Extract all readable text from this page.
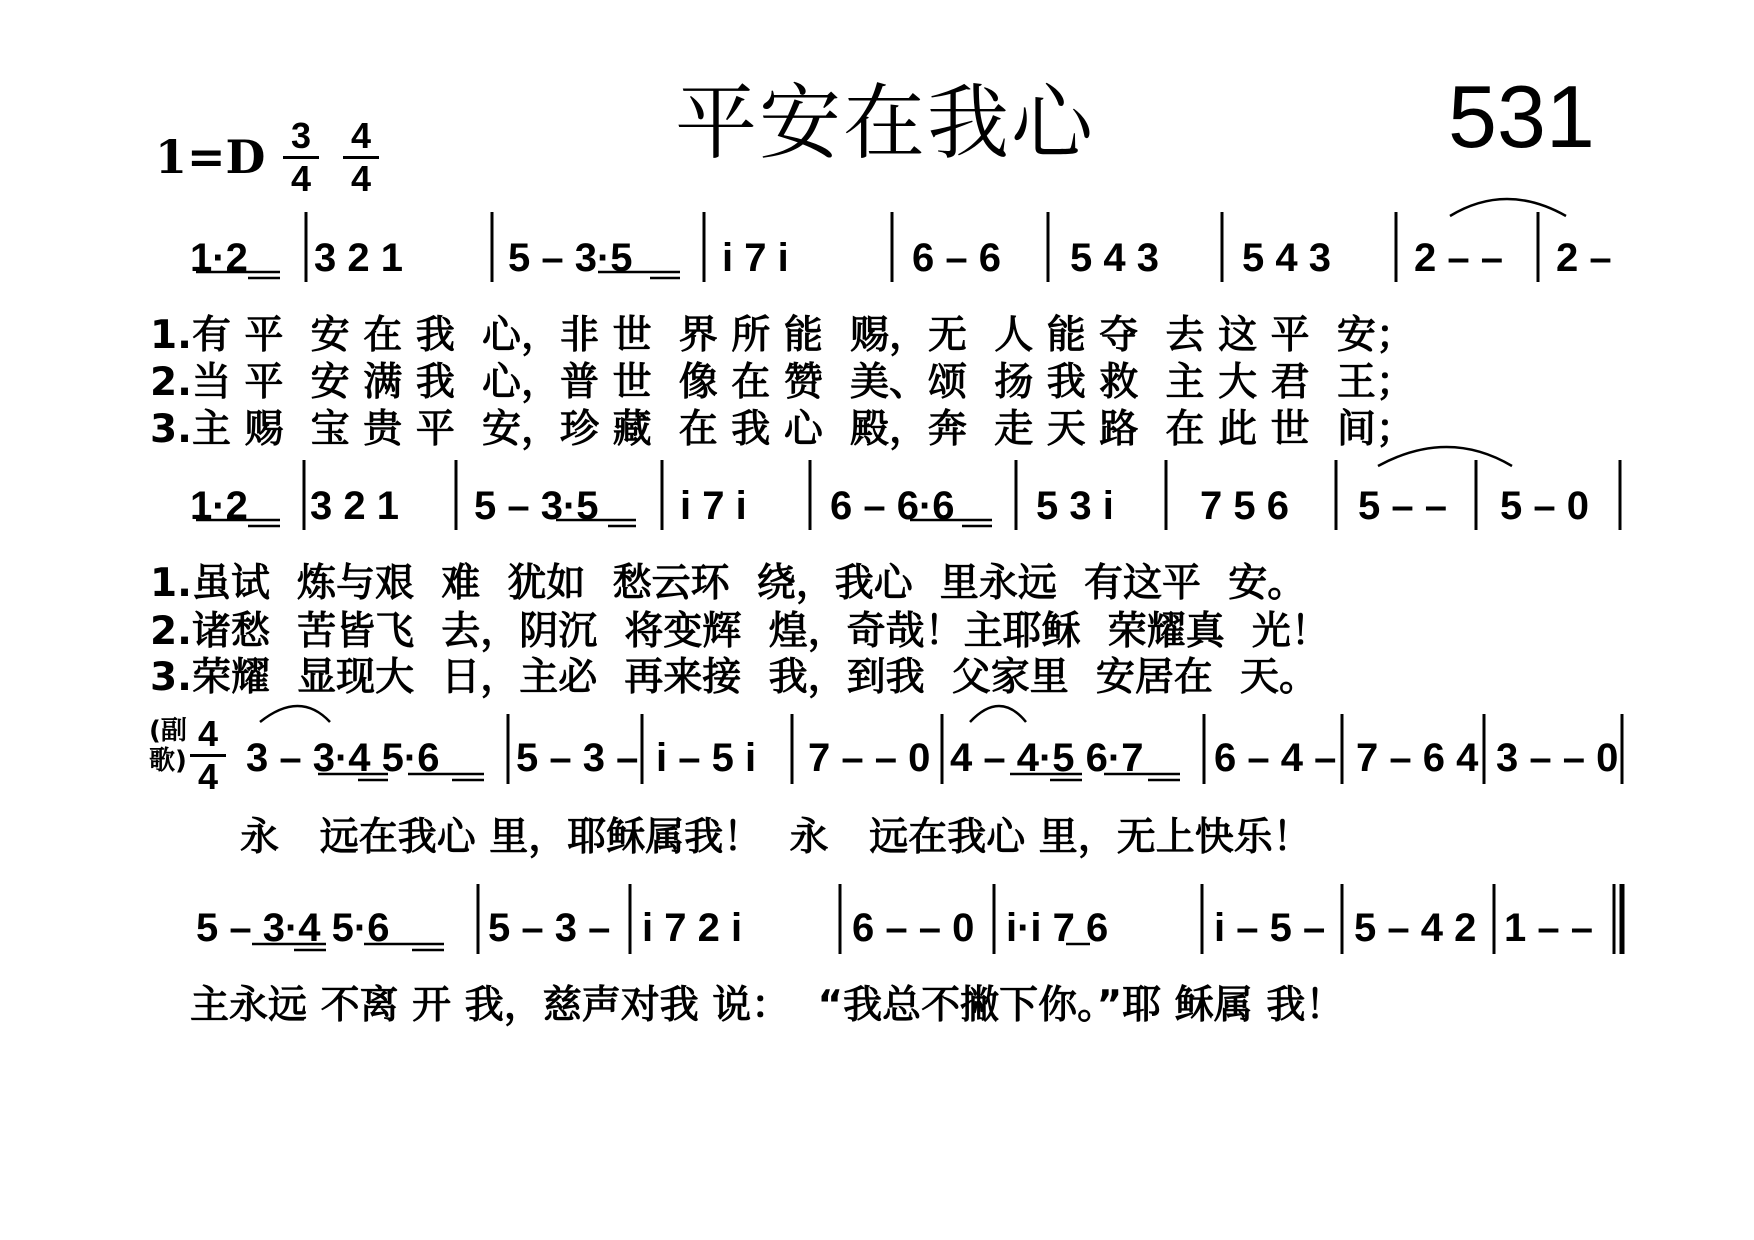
平安在我心	531
$1=D \frac{3}{4} \frac{4}{4}$
1·2 3 2 1	5 – 3·5 i 7 i	6 – 6 5 4 3 5 4 3 2 – – 2 –
1.有 平  安 在 我  心，非 世  界 所 能  赐，无  人 能 夺  去 这 平  安；
2.当 平  安 满 我  心，普 世  像 在 赞  美、颂  扬 我 救  主 大 君  王；
3.主 赐  宝 贵 平  安，珍 藏  在 我 心  殿，奔  走 天 路  在 此 世  间；
1·2 3 2 1 5 – 3·5 i 7 i 6 – 6·6 5 3 i 7 5 6 5 – – 5 – 0
1.虽试  炼与艰  难  犹如  愁云环  绕，我心  里永远  有这平  安。
2.诸愁  苦皆飞  去，阴沉  将变辉  煌，奇哉！主耶稣  荣耀真  光！
3.荣耀  显现大  日，主必  再来接  我，到我  父家里  安居在  天。
(副歌) $\frac{4}{4} 3 - 3\cdot 4$ 5·6 5 – 3 – i – 5 i 7 – – 0 4 – 4·5 6·7 6 – 4 – 7 – 6 4 3 – – 0
永   远在我心 里，耶稣属我！  永   远在我心 里，无上快乐！
5 – 3·4 5·6 5 – 3 – i 7 2 i	6 – – 0 i·i 7 6	i – 5 – 5 – 4 2 1 – –
主永远 不离 开 我，慈声对我 说：  “我总不撇下你。”耶 稣属 我！
